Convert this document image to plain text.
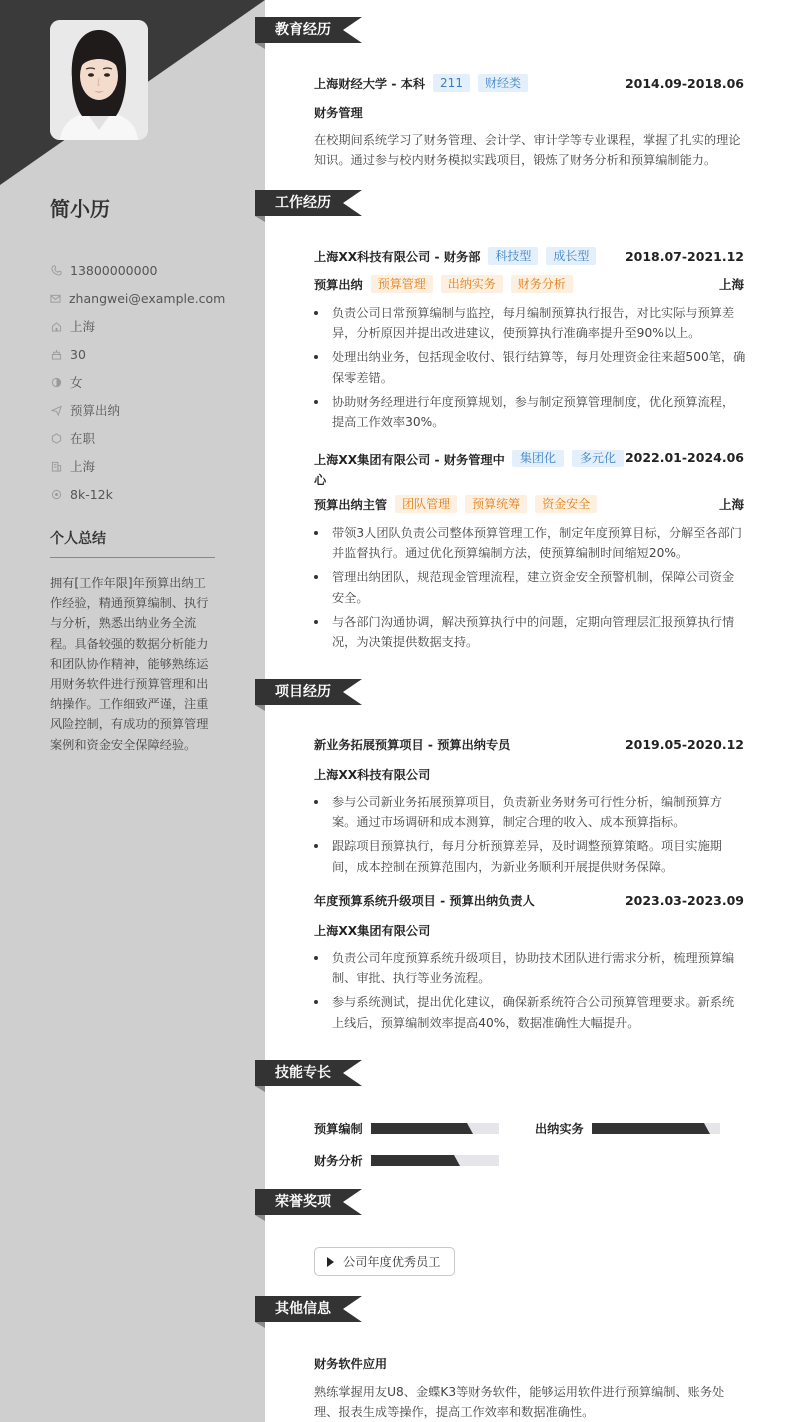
简小历
13800000000
zhangwei@example.com
上海
30
女
预算出纳
在职
上海
8k-12k
个人总结
拥有[工作年限]年预算出纳工作经验，精通预算编制、执行与分析，熟悉出纳业务全流程。具备较强的数据分析能力和团队协作精神，能够熟练运用财务软件进行预算管理和出纳操作。工作细致严谨，注重风险控制，有成功的预算管理案例和资金安全保障经验。
教育经历
上海财经大学 - 本科	211	财经类	2014.09-2018.06
财务管理
在校期间系统学习了财务管理、会计学、审计学等专业课程，掌握了扎实的理论知识。通过参与校内财务模拟实践项目，锻炼了财务分析和预算编制能力。
工作经历
上海XX科技有限公司 - 财务部	科技型	成长型	2018.07-2021.12
预算出纳	预算管理	出纳实务	财务分析	上海
负责公司日常预算编制与监控，每月编制预算执行报告，对比实际与预算差异，分析原因并提出改进建议，使预算执行准确率提升至90%以上。
处理出纳业务，包括现金收付、银行结算等，每月处理资金往来超500笔，确保零差错。
协助财务经理进行年度预算规划，参与制定预算管理制度，优化预算流程，提高工作效率30%。
上海XX集团有限公司 - 财务管理中心
集团化	多元化 2022.01-2024.06
预算出纳主管	团队管理	预算统筹	资金安全	上海
带领3人团队负责公司整体预算管理工作，制定年度预算目标，分解至各部门并监督执行。通过优化预算编制方法，使预算编制时间缩短20%。
管理出纳团队，规范现金管理流程，建立资金安全预警机制，保障公司资金安全。
与各部门沟通协调，解决预算执行中的问题，定期向管理层汇报预算执行情况，为决策提供数据支持。
项目经历
新业务拓展预算项目 - 预算出纳专员	2019.05-2020.12
上海XX科技有限公司
参与公司新业务拓展预算项目，负责新业务财务可行性分析，编制预算方案。通过市场调研和成本测算，制定合理的收入、成本预算指标。
跟踪项目预算执行，每月分析预算差异，及时调整预算策略。项目实施期间，成本控制在预算范围内，为新业务顺利开展提供财务保障。
年度预算系统升级项目 - 预算出纳负责人	2023.03-2023.09
上海XX集团有限公司
负责公司年度预算系统升级项目，协助技术团队进行需求分析，梳理预算编制、审批、执行等业务流程。
参与系统测试，提出优化建议，确保新系统符合公司预算管理要求。新系统上线后，预算编制效率提高40%，数据准确性大幅提升。
技能专长
预算编制	出纳实务
财务分析
荣誉奖项
公司年度优秀员工
其他信息
财务软件应用
熟练掌握用友U8、金蝶K3等财务软件，能够运用软件进行预算编制、账务处理、报表生成等操作，提高工作效率和数据准确性。
